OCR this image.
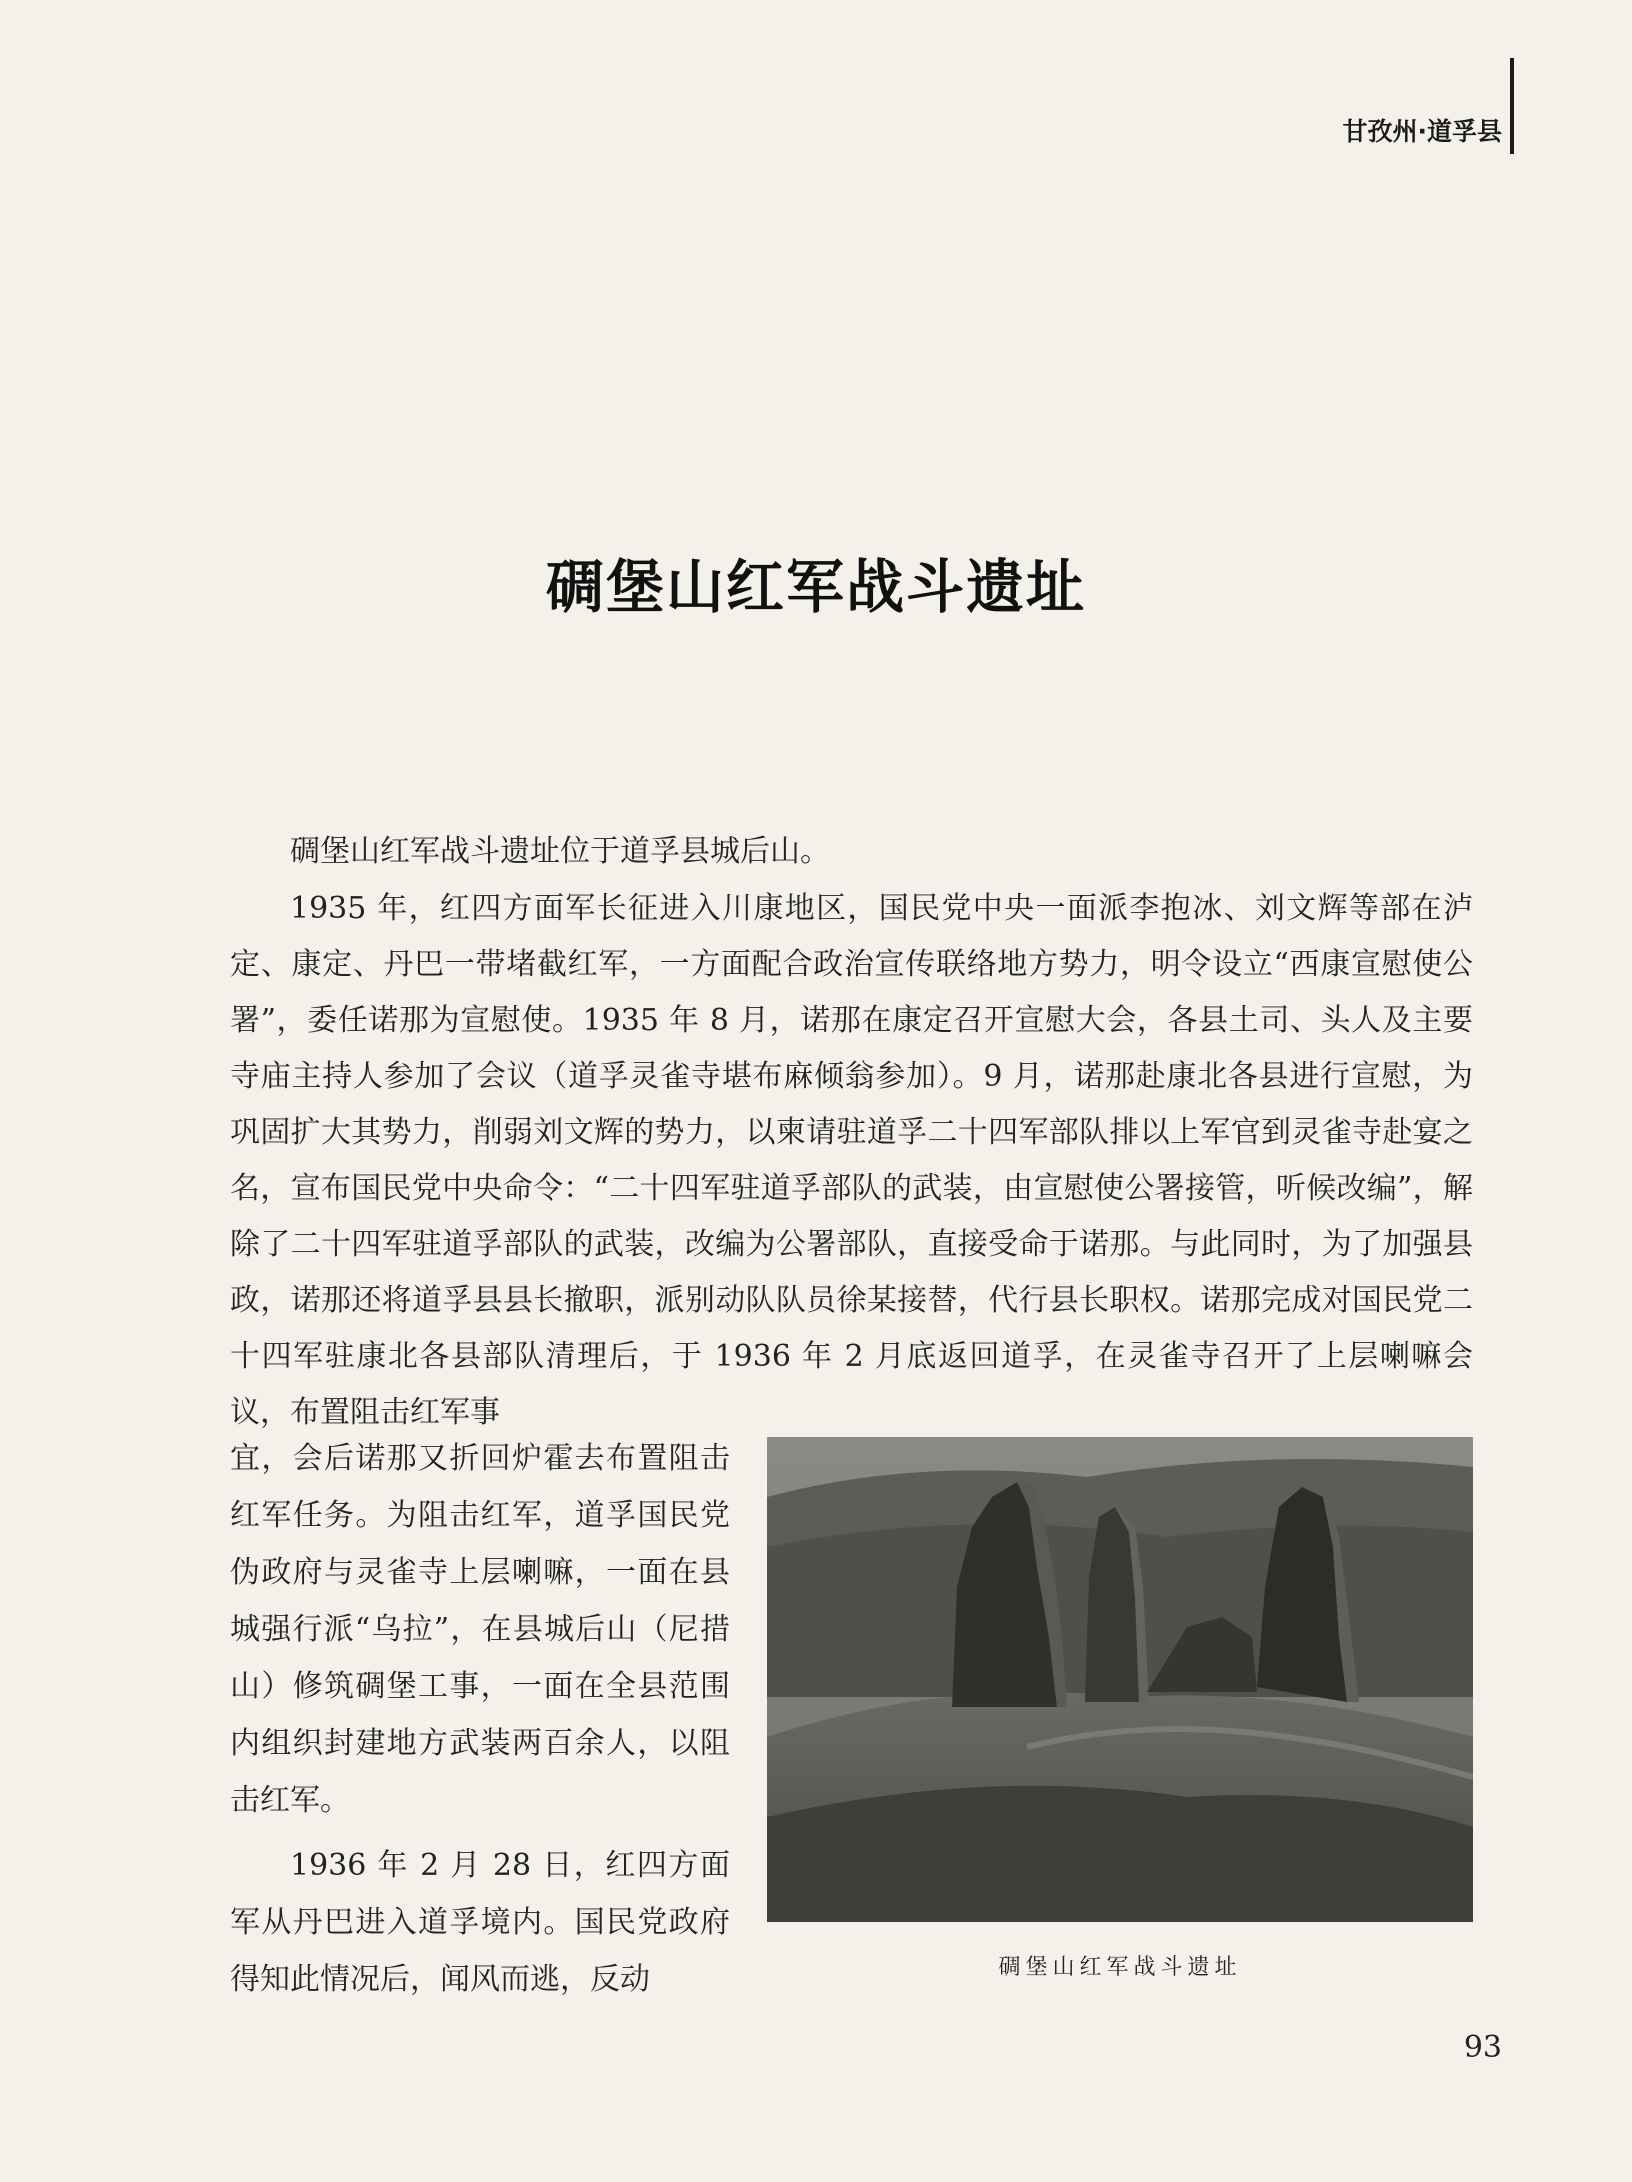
甘孜州·道孚县
碉堡山红军战斗遗址

碉堡山红军战斗遗址位于道孚县城后山。

1935 年，红四方面军长征进入川康地区，国民党中央一面派李抱冰、刘文辉等部在泸定、康定、丹巴一带堵截红军，一方面配合政治宣传联络地方势力，明令设立“西康宣慰使公署”，委任诺那为宣慰使。1935 年 8 月，诺那在康定召开宣慰大会，各县土司、头人及主要寺庙主持人参加了会议（道孚灵雀寺堪布麻倾翁参加）。9 月，诺那赴康北各县进行宣慰，为巩固扩大其势力，削弱刘文辉的势力，以柬请驻道孚二十四军部队排以上军官到灵雀寺赴宴之名，宣布国民党中央命令：“二十四军驻道孚部队的武装，由宣慰使公署接管，听候改编”，解除了二十四军驻道孚部队的武装，改编为公署部队，直接受命于诺那。与此同时，为了加强县政，诺那还将道孚县县长撤职，派别动队队员徐某接替，代行县长职权。诺那完成对国民党二十四军驻康北各县部队清理后，于 1936 年 2 月底返回道孚，在灵雀寺召开了上层喇嘛会议，布置阻击红军事

宜，会后诺那又折回炉霍去布置阻击红军任务。为阻击红军，道孚国民党伪政府与灵雀寺上层喇嘛，一面在县城强行派“乌拉”，在县城后山（尼措山）修筑碉堡工事，一面在全县范围内组织封建地方武装两百余人，以阻击红军。

1936 年 2 月 28 日，红四方面军从丹巴进入道孚境内。国民党政府得知此情况后，闻风而逃，反动	碉堡山红军战斗遗址
93
